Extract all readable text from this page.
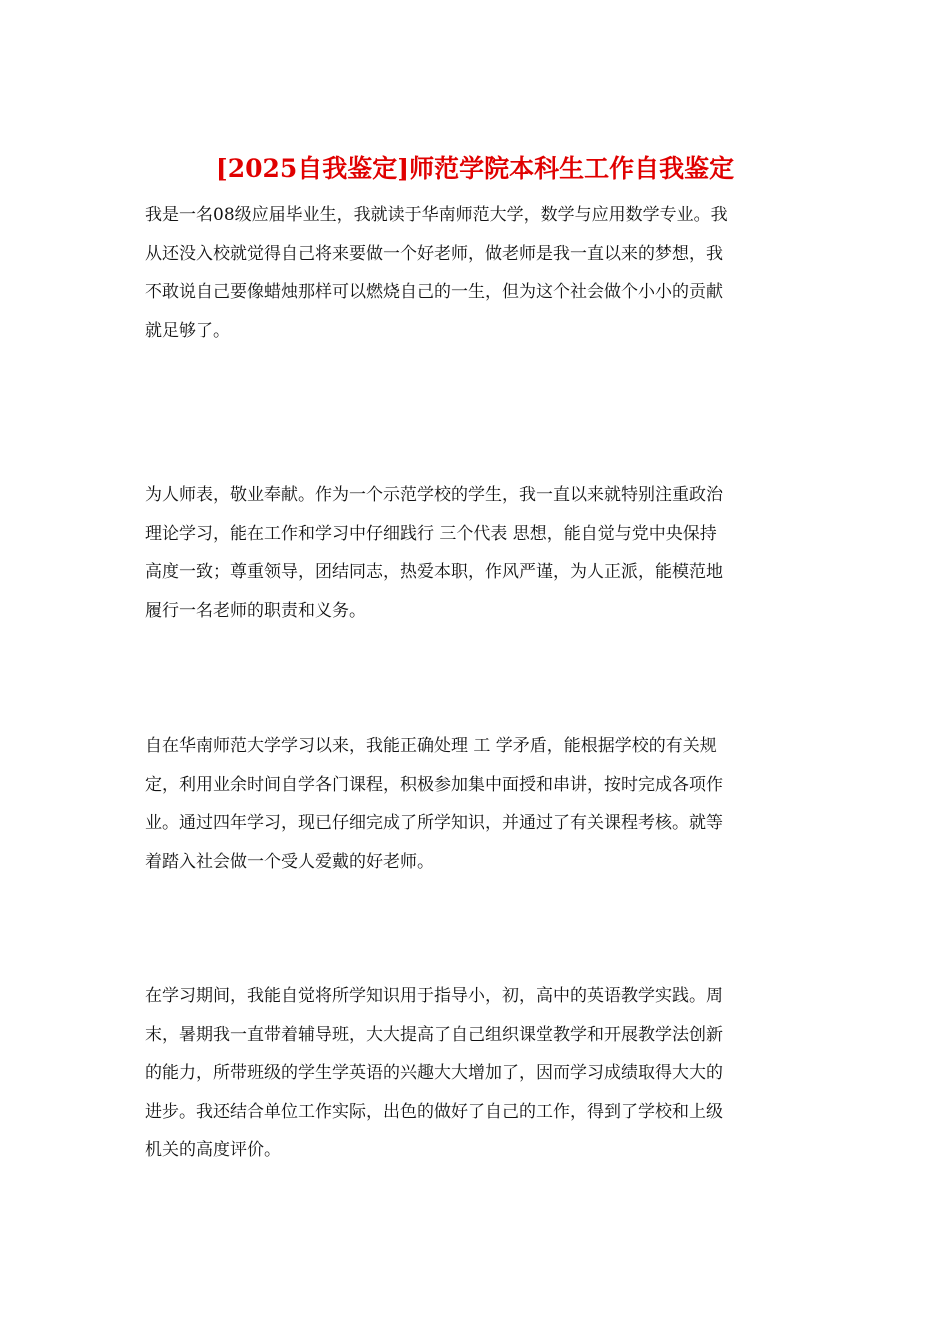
[2025自我鉴定]师范学院本科生工作自我鉴定

我是一名08级应届毕业生，我就读于华南师范大学，数学与应用数学专业。我
从还没入校就觉得自己将来要做一个好老师，做老师是我一直以来的梦想，我
不敢说自己要像蜡烛那样可以燃烧自己的一生，但为这个社会做个小小的贡献
就足够了。

为人师表，敬业奉献。作为一个示范学校的学生，我一直以来就特别注重政治
理论学习，能在工作和学习中仔细践行 三个代表 思想，能自觉与党中央保持
高度一致；尊重领导，团结同志，热爱本职，作风严谨，为人正派，能模范地
履行一名老师的职责和义务。

自在华南师范大学学习以来，我能正确处理 工 学矛盾，能根据学校的有关规
定，利用业余时间自学各门课程，积极参加集中面授和串讲，按时完成各项作
业。通过四年学习，现已仔细完成了所学知识，并通过了有关课程考核。就等
着踏入社会做一个受人爱戴的好老师。

在学习期间，我能自觉将所学知识用于指导小，初，高中的英语教学实践。周
末，暑期我一直带着辅导班，大大提高了自己组织课堂教学和开展教学法创新
的能力，所带班级的学生学英语的兴趣大大增加了，因而学习成绩取得大大的
进步。我还结合单位工作实际，出色的做好了自己的工作，得到了学校和上级
机关的高度评价。
